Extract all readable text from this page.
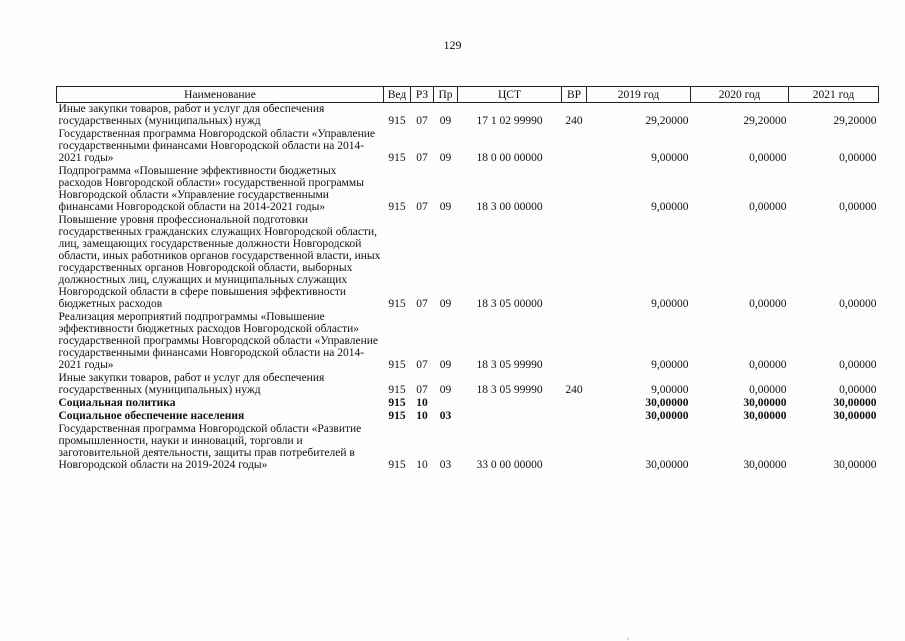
129
Наименование	Вед	РЗ	Пр	ЦСТ	ВР	2019 год	2020 год	2021 год
Иные закупки товаров, работ и услуг для обеспечения государственных (муниципальных) нужд	915	07	09	17 1 02 99990	240	29,20000	29,20000	29,20000
Государственная программа Новгородской области «Управление государственными финансами Новгородской области на 2014-2021 годы»	915	07	09	18 0 00 00000		9,00000	0,00000	0,00000
Подпрограмма «Повышение эффективности бюджетных расходов Новгородской области» государственной программы Новгородской области «Управление государственными финансами Новгородской области на 2014-2021 годы»	915	07	09	18 3 00 00000		9,00000	0,00000	0,00000
Повышение уровня профессиональной подготовки государственных гражданских служащих Новгородской области, лиц, замещающих государственные должности Новгородской области, иных работников органов государственной власти, иных государственных органов Новгородской области, выборных должностных лиц, служащих и муниципальных служащих Новгородской области в сфере повышения эффективности бюджетных расходов	915	07	09	18 3 05 00000		9,00000	0,00000	0,00000
Реализация мероприятий подпрограммы «Повышение эффективности бюджетных расходов Новгородской области» государственной программы Новгородской области «Управление государственными финансами Новгородской области на 2014-2021 годы»	915	07	09	18 3 05 99990		9,00000	0,00000	0,00000
Иные закупки товаров, работ и услуг для обеспечения государственных (муниципальных) нужд	915	07	09	18 3 05 99990	240	9,00000	0,00000	0,00000
Социальная политика	915	10				30,00000	30,00000	30,00000
Социальное обеспечение населения	915	10	03			30,00000	30,00000	30,00000
Государственная программа Новгородской области «Развитие промышленности, науки и инноваций, торговли и заготовительной деятельности, защиты прав потребителей в Новгородской области на 2019-2024 годы»	915	10	03	33 0 00 00000		30,00000	30,00000	30,00000
,
